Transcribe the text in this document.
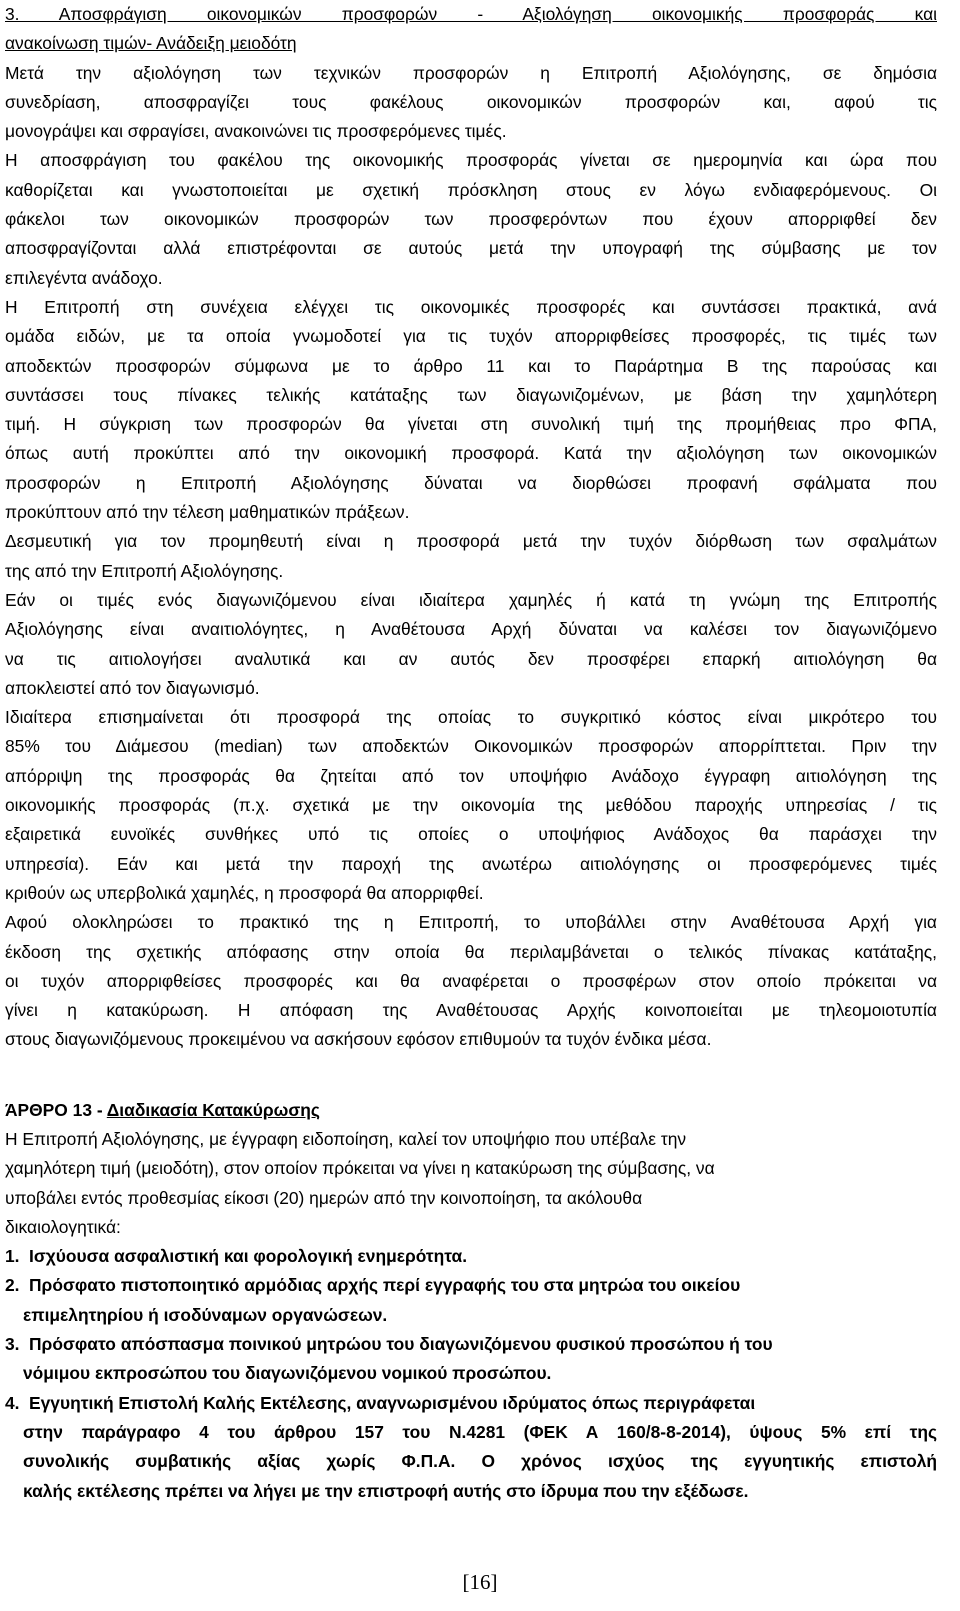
3. Αποσφράγιση οικονομικών προσφορών - Αξιολόγηση οικονομικής προσφοράς και
ανακοίνωση τιμών- Ανάδειξη μειοδότη
Μετά την αξιολόγηση των τεχνικών προσφορών η Επιτροπή Αξιολόγησης, σε δημόσια
συνεδρίαση, αποσφραγίζει τους φακέλους οικονομικών προσφορών και, αφού τις
μονογράψει και σφραγίσει, ανακοινώνει τις προσφερόμενες τιμές.
Η αποσφράγιση του φακέλου της οικονομικής προσφοράς γίνεται σε ημερομηνία και ώρα που
καθορίζεται και γνωστοποιείται με σχετική πρόσκληση στους εν λόγω ενδιαφερόμενους. Οι
φάκελοι των οικονομικών προσφορών των προσφερόντων που έχουν απορριφθεί δεν
αποσφραγίζονται αλλά επιστρέφονται σε αυτούς μετά την υπογραφή της σύμβασης με τον
επιλεγέντα ανάδοχο.
Η Επιτροπή στη συνέχεια ελέγχει τις οικονομικές προσφορές και συντάσσει πρακτικά, ανά
ομάδα ειδών, με τα οποία γνωμοδοτεί για τις τυχόν απορριφθείσες προσφορές, τις τιμές των
αποδεκτών προσφορών σύμφωνα με το άρθρο 11 και το Παράρτημα Β της παρούσας και
συντάσσει τους πίνακες τελικής κατάταξης των διαγωνιζομένων, με βάση την χαμηλότερη
τιμή. Η σύγκριση των προσφορών θα γίνεται στη συνολική τιμή της προμήθειας προ ΦΠΑ,
όπως αυτή προκύπτει από την οικονομική προσφορά. Κατά την αξιολόγηση των οικονομικών
προσφορών η Επιτροπή Αξιολόγησης δύναται να διορθώσει προφανή σφάλματα που
προκύπτουν από την τέλεση μαθηματικών πράξεων.
Δεσμευτική για τον προμηθευτή είναι η προσφορά μετά την τυχόν διόρθωση των σφαλμάτων
της από την Επιτροπή Αξιολόγησης.
Εάν οι τιμές ενός διαγωνιζόμενου είναι ιδιαίτερα χαμηλές ή κατά τη γνώμη της Επιτροπής
Αξιολόγησης είναι αναιτιολόγητες, η Αναθέτουσα Αρχή δύναται να καλέσει τον διαγωνιζόμενο
να τις αιτιολογήσει αναλυτικά και αν αυτός δεν προσφέρει επαρκή αιτιολόγηση θα
αποκλειστεί από τον διαγωνισμό.
Ιδιαίτερα επισημαίνεται ότι προσφορά της οποίας το συγκριτικό κόστος είναι μικρότερο του
85% του Διάμεσου (median) των αποδεκτών Οικονομικών προσφορών απορρίπτεται. Πριν την
απόρριψη της προσφοράς θα ζητείται από τον υποψήφιο Ανάδοχο έγγραφη αιτιολόγηση της
οικονομικής προσφοράς (π.χ. σχετικά με την οικονομία της μεθόδου παροχής υπηρεσίας / τις
εξαιρετικά ευνοϊκές συνθήκες υπό τις οποίες ο υποψήφιος Ανάδοχος θα παράσχει την
υπηρεσία). Εάν και μετά την παροχή της ανωτέρω αιτιολόγησης οι προσφερόμενες τιμές
κριθούν ως υπερβολικά χαμηλές, η προσφορά θα απορριφθεί.
Αφού ολοκληρώσει το πρακτικό της η Επιτροπή, το υποβάλλει στην Αναθέτουσα Αρχή για
έκδοση της σχετικής απόφασης στην οποία θα περιλαμβάνεται ο τελικός πίνακας κατάταξης,
οι τυχόν απορριφθείσες προσφορές και θα αναφέρεται ο προσφέρων στον οποίο πρόκειται να
γίνει η κατακύρωση. Η απόφαση της Αναθέτουσας Αρχής κοινοποιείται με τηλεομοιοτυπία
στους διαγωνιζόμενους προκειμένου να ασκήσουν εφόσον επιθυμούν τα τυχόν ένδικα μέσα.
ΆΡΘΡΟ 13 - Διαδικασία Κατακύρωσης
Η Επιτροπή Αξιολόγησης, με έγγραφη ειδοποίηση, καλεί τον υποψήφιο που υπέβαλε την
χαμηλότερη τιμή (μειοδότη), στον οποίον πρόκειται να γίνει η κατακύρωση της σύμβασης, να
υποβάλει εντός προθεσμίας είκοσι (20) ημερών από την κοινοποίηση, τα ακόλουθα
δικαιολογητικά:
1. Ισχύουσα ασφαλιστική και φορολογική ενημερότητα.
2. Πρόσφατο πιστοποιητικό αρμόδιας αρχής περί εγγραφής του στα μητρώα του οικείου
επιμελητηρίου ή ισοδύναμων οργανώσεων.
3. Πρόσφατο απόσπασμα ποινικού μητρώου του διαγωνιζόμενου φυσικού προσώπου ή του
νόμιμου εκπροσώπου του διαγωνιζόμενου νομικού προσώπου.
4. Εγγυητική Επιστολή Καλής Εκτέλεσης, αναγνωρισμένου ιδρύματος όπως περιγράφεται
στην παράγραφο 4 του άρθρου 157 του Ν.4281 (ΦΕΚ Α 160/8-8-2014), ύψους 5% επί της
συνολικής συμβατικής αξίας χωρίς Φ.Π.Α. Ο χρόνος ισχύος της εγγυητικής επιστολή
καλής εκτέλεσης πρέπει να λήγει με την επιστροφή αυτής στο ίδρυμα που την εξέδωσε.
[16]
